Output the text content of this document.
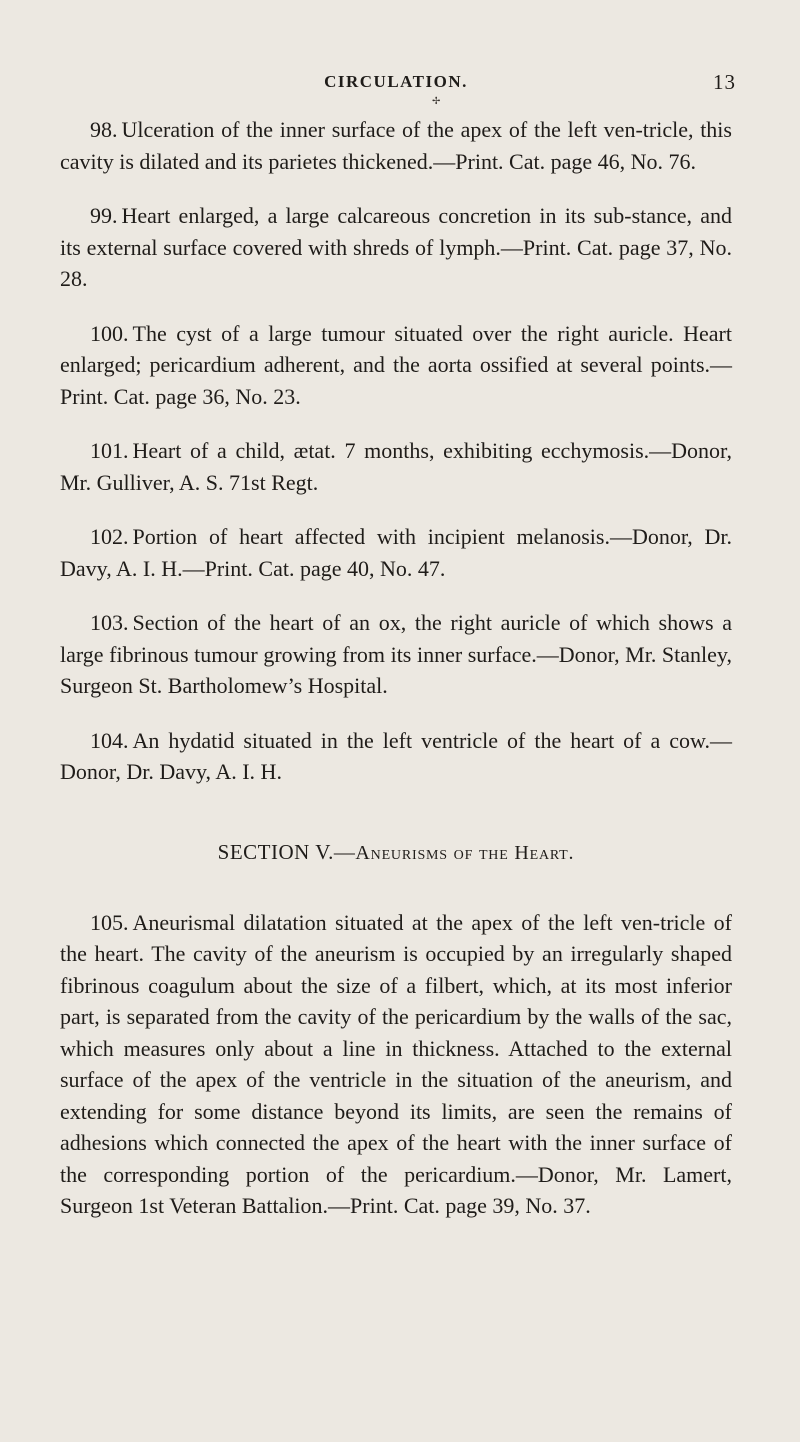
CIRCULATION.	13
✢

98. Ulceration of the inner surface of the apex of the left ven-tricle, this cavity is dilated and its parietes thickened.—Print. Cat. page 46, No. 76.

99. Heart enlarged, a large calcareous concretion in its sub-stance, and its external surface covered with shreds of lymph.—Print. Cat. page 37, No. 28.

100. The cyst of a large tumour situated over the right auricle. Heart enlarged; pericardium adherent, and the aorta ossified at several points.—Print. Cat. page 36, No. 23.

101. Heart of a child, ætat. 7 months, exhibiting ecchymosis.—Donor, Mr. Gulliver, A. S. 71st Regt.

102. Portion of heart affected with incipient melanosis.—Donor, Dr. Davy, A. I. H.—Print. Cat. page 40, No. 47.

103. Section of the heart of an ox, the right auricle of which shows a large fibrinous tumour growing from its inner surface.—Donor, Mr. Stanley, Surgeon St. Bartholomew’s Hospital.

104. An hydatid situated in the left ventricle of the heart of a cow.—Donor, Dr. Davy, A. I. H.

SECTION V.—Aneurisms of the Heart.

105. Aneurismal dilatation situated at the apex of the left ven-tricle of the heart. The cavity of the aneurism is occupied by an irregularly shaped fibrinous coagulum about the size of a filbert, which, at its most inferior part, is separated from the cavity of the pericardium by the walls of the sac, which measures only about a line in thickness. Attached to the external surface of the apex of the ventricle in the situation of the aneurism, and extending for some distance beyond its limits, are seen the remains of adhesions which connected the apex of the heart with the inner surface of the corresponding portion of the pericardium.—Donor, Mr. Lamert, Surgeon 1st Veteran Battalion.—Print. Cat. page 39, No. 37.
